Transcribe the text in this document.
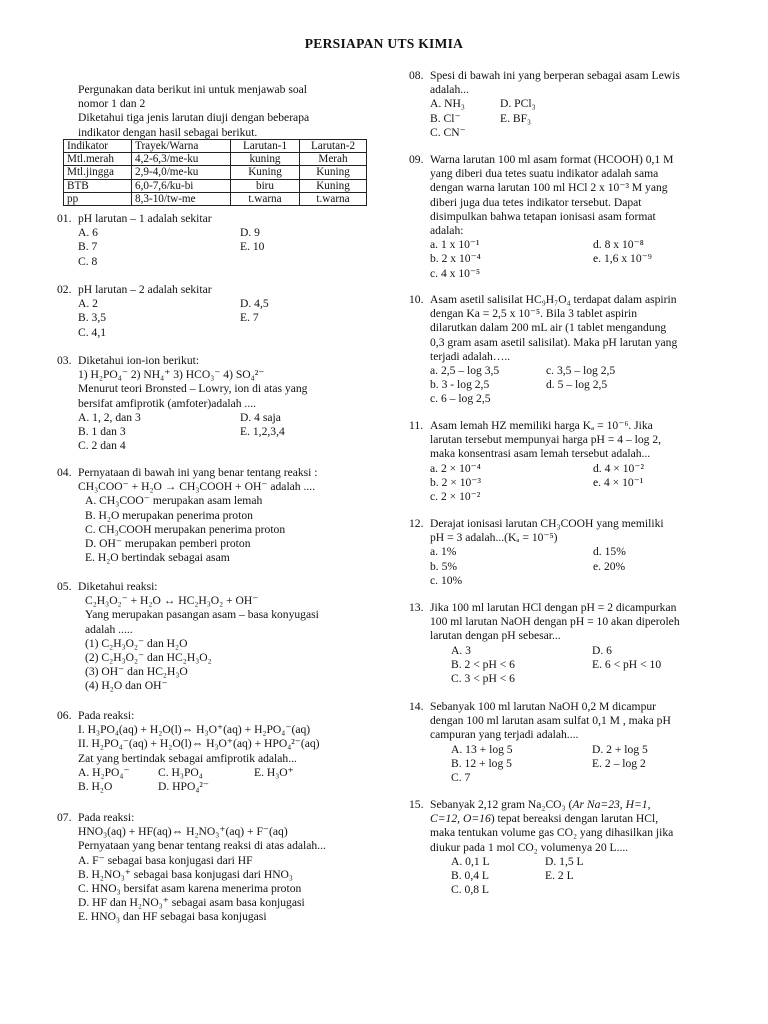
PERSIAPAN UTS KIMIA
Pergunakan data berikut ini untuk menjawab soal
nomor 1 dan 2
Diketahui tiga jenis larutan diuji dengan beberapa
indikator dengan hasil sebagai berikut.
Indikator	Trayek/Warna	Larutan-1	Larutan-2
Mtl.merah	4,2-6,3/me-ku	kuning	Merah
Mtl.jingga	2,9-4,0/me-ku	Kuning	Kuning
BTB	6,0-7,6/ku-bi	biru	Kuning
pp	8,3-10/tw-me	t.warna	t.warna
01. pH larutan – 1 adalah sekitar
A. 6	D. 9

B. 7	E. 10

C. 8

02. pH larutan – 2 adalah sekitar
A. 2	D. 4,5

B. 3,5	E. 7

C. 4,1

03. Diketahui ion-ion berikut:
1) H₂PO₄⁻ 2) NH₄⁺ 3) HCO₃⁻ 4) SO₄²⁻
Menurut teori Bronsted – Lowry, ion di atas yang
bersifat amfiprotik (amfoter)adalah ....
A. 1, 2, dan 3	D. 4 saja

B. 1 dan 3	E. 1,2,3,4

C. 2 dan 4

04. Pernyataan di bawah ini yang benar tentang reaksi :
CH₃COO⁻ + H₂O → CH₃COOH + OH⁻ adalah ....
A. CH₃COO⁻ merupakan asam lemah
B. H₂O merupakan penerima proton
C. CH₃COOH merupakan penerima proton
D. OH⁻ merupakan pemberi proton
E. H₂O bertindak sebagai asam
05. Diketahui reaksi:
C₂H₃O₂⁻ + H₂O ↔ HC₂H₃O₂ + OH⁻
Yang merupakan pasangan asam – basa konyugasi
adalah .....
(1) C₂H₃O₂⁻ dan H₂O
(2) C₂H₃O₂⁻ dan HC₂H₃O₂
(3) OH⁻ dan HC₂H₃O
(4) H₂O dan OH⁻
06. Pada reaksi:
I. H₃PO₄(aq) + H₂O(l)⇔ H₃O⁺(aq) + H₂PO₄⁻(aq)
II. H₂PO₄⁻(aq) + H₂O(l)⇔ H₃O⁺(aq) + HPO₄²⁻(aq)
Zat yang bertindak sebagai amfiprotik adalah...
A. H₂PO₄⁻ C. H₃PO₄	E. H₃O⁺

B. H₂O	D. HPO₄²⁻

07. Pada reaksi:
HNO₃(aq) + HF(aq)⇔ H₂NO₃⁺(aq) + F⁻(aq)
Pernyataan yang benar tentang reaksi di atas adalah...
A. F⁻ sebagai basa konjugasi dari HF
B. H₂NO₃⁺ sebagai basa konjugasi dari HNO₃
C. HNO₃ bersifat asam karena menerima proton
D. HF dan H₂NO₃⁺ sebagai asam basa konjugasi
E. HNO₃ dan HF sebagai basa konjugasi
08. Spesi di bawah ini yang berperan sebagai asam Lewis
adalah...
A. NH₃	D. PCl₃

B. Cl⁻	E. BF₃

C. CN⁻

09. Warna larutan 100 ml asam format (HCOOH) 0,1 M
yang diberi dua tetes suatu indikator adalah sama
dengan warna larutan 100 ml HCl 2 x 10⁻³ M yang
diberi juga dua tetes indikator tersebut. Dapat
disimpulkan bahwa tetapan ionisasi asam format
adalah:
a. 1 x 10⁻¹	d. 8 x 10⁻⁸

b. 2 x 10⁻⁴	e. 1,6 x 10⁻⁹

c. 4 x 10⁻⁵

10. Asam asetil salisilat HC₉H₇O₄ terdapat dalam aspirin
dengan Ka = 2,5 x 10⁻⁵. Bila 3 tablet aspirin
dilarutkan dalam 200 mL air (1 tablet mengandung
0,3 gram asam asetil salisilat). Maka pH larutan yang
terjadi adalah…..
a. 2,5 – log 3,5	c. 3,5 – log 2,5

b. 3 - log 2,5	d. 5 – log 2,5

c. 6 – log 2,5

11. Asam lemah HZ memiliki harga Kₐ = 10⁻⁶. Jika
larutan tersebut mempunyai harga pH = 4 – log 2,
maka konsentrasi asam lemah tersebut adalah...
a. 2 × 10⁻⁴	d. 4 × 10⁻²

b. 2 × 10⁻³	e. 4 × 10⁻¹

c. 2 × 10⁻²

12. Derajat ionisasi larutan CH₃COOH yang memiliki
pH = 3 adalah...(Kₐ = 10⁻⁵)
a. 1%	d. 15%

b. 5%	e. 20%

c. 10%

13. Jika 100 ml larutan HCl dengan pH = 2 dicampurkan
100 ml larutan NaOH dengan pH = 10 akan diperoleh
larutan dengan pH sebesar...
A. 3	D. 6

B. 2 < pH < 6	E. 6 < pH < 10

C. 3 < pH < 6

14. Sebanyak 100 ml larutan NaOH 0,2 M dicampur
dengan 100 ml larutan asam sulfat 0,1 M , maka pH
campuran yang terjadi adalah....
A. 13 + log 5	D. 2 + log 5

B. 12 + log 5	E. 2 – log 2

C. 7

15. Sebanyak 2,12 gram Na₂CO₃ (Ar Na=23, H=1,
C=12, O=16) tepat bereaksi dengan larutan HCl,
maka tentukan volume gas CO₂ yang dihasilkan jika
diukur pada 1 mol CO₂ volumenya 20 L....
A. 0,1 L	D. 1,5 L

B. 0,4 L	E. 2 L

C. 0,8 L
